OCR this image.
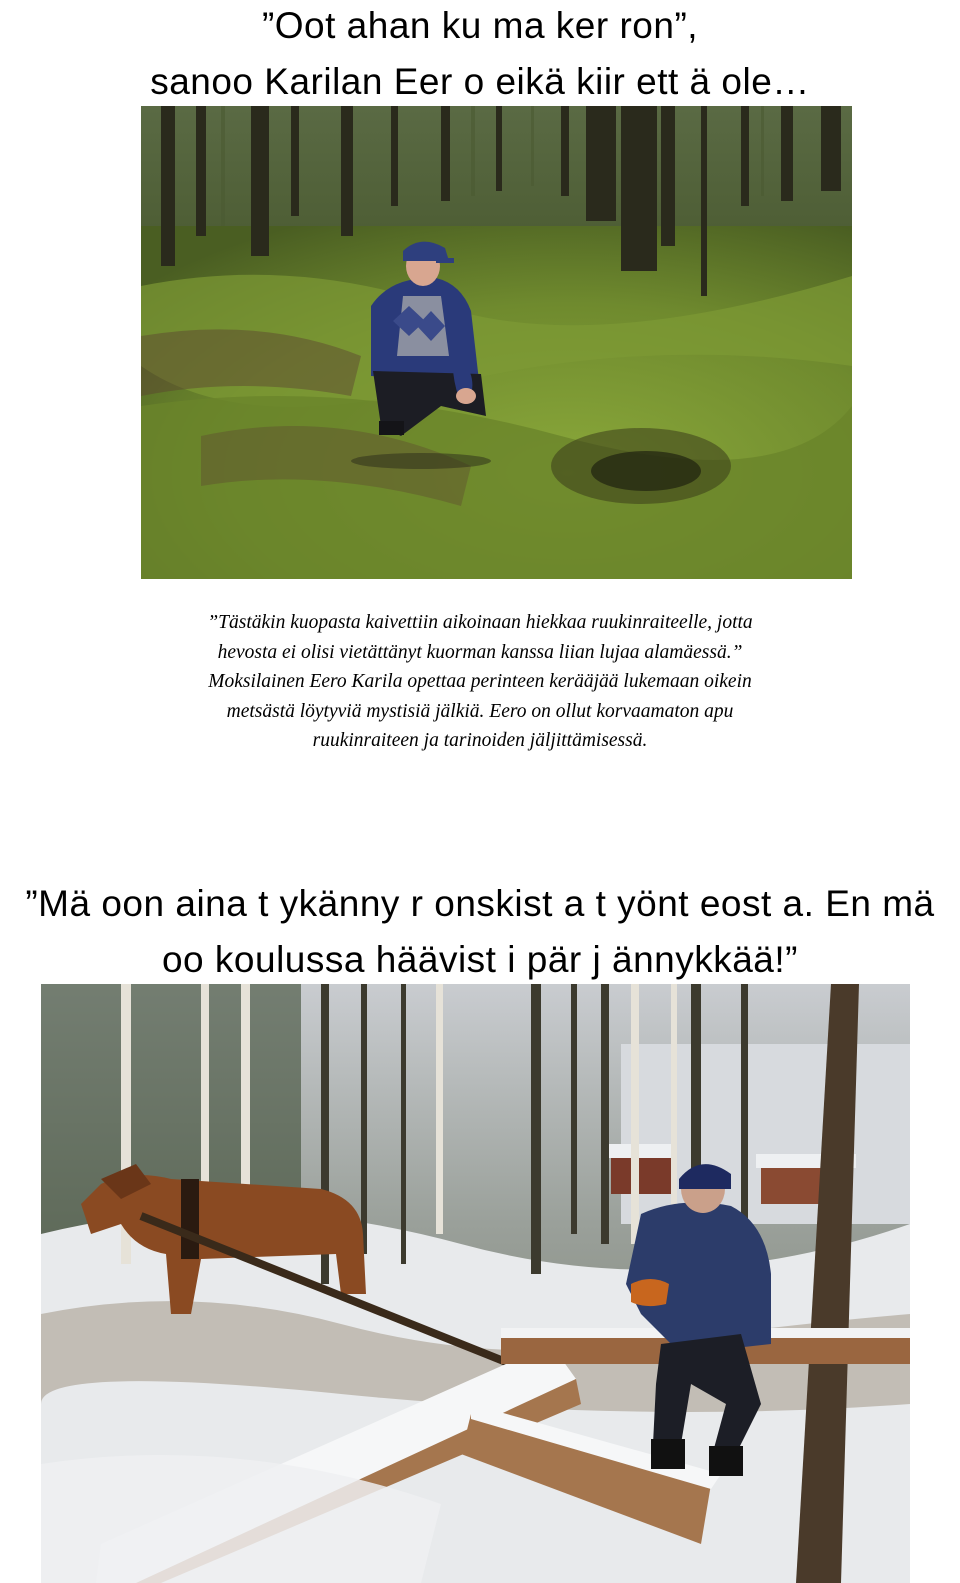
”Oot ahan ku ma ker ron”,
sanoo Karilan Eer o eikä kiir ett ä ole…
”Tästäkin kuopasta kaivettiin aikoinaan hiekkaa ruukinraiteelle, jotta
hevosta ei olisi vietättänyt kuorman kanssa liian lujaa alamäessä.”
Moksilainen Eero Karila opettaa perinteen kerääjää lukemaan oikein
metsästä löytyviä mystisiä jälkiä. Eero on ollut korvaamaton apu
ruukinraiteen ja tarinoiden jäljittämisessä.
”Mä oon aina t ykänny r onskist a t yönt eost a. En mä
oo koulussa häävist i pär j ännykkää!”
